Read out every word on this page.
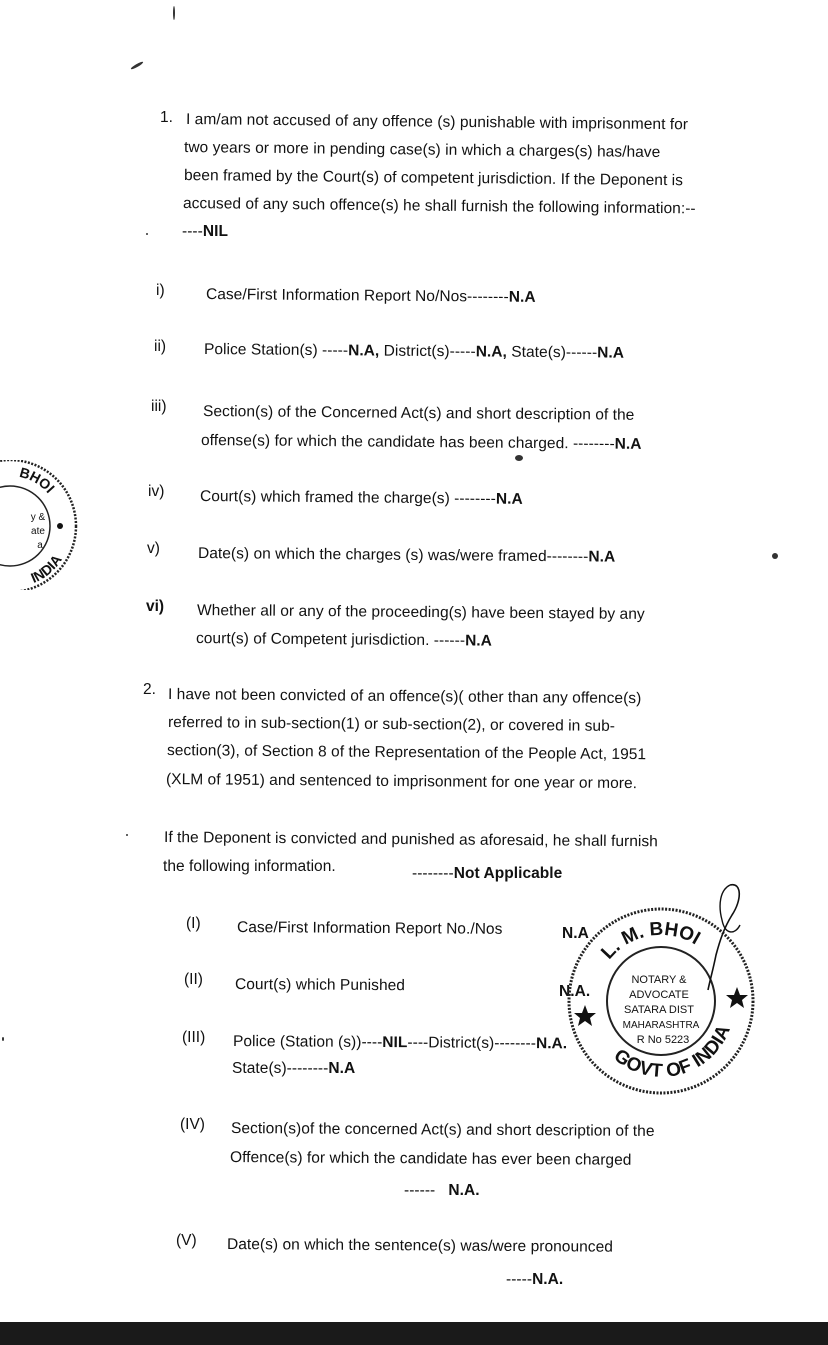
1. I am/am not accused of any offence (s) punishable with imprisonment for
two years or more in pending case(s) in which a charges(s) has/have
been framed by the Court(s) of competent jurisdiction. If the Deponent is
accused of any such offence(s) he shall furnish the following information:--
----NIL
i)	Case/First Information Report No/Nos--------N.A
ii) Police Station(s) -----N.A, District(s)-----N.A, State(s)------N.A
iii) Section(s) of the Concerned Act(s) and short description of the
offense(s) for which the candidate has been charged. --------N.A
iv) Court(s) which framed the charge(s) --------N.A
v) Date(s) on which the charges (s) was/were framed--------N.A
vi) Whether all or any of the proceeding(s) have been stayed by any
court(s) of Competent jurisdiction. ------N.A
2. I have not been convicted of an offence(s)( other than any offence(s)
referred to in sub-section(1) or sub-section(2), or covered in sub-
section(3), of Section 8 of the Representation of the People Act, 1951
(XLM of 1951) and sentenced to imprisonment for one year or more.
If the Deponent is convicted and punished as aforesaid, he shall furnish
the following information.	--------Not Applicable
(I) Case/First Information Report No./Nos	N.A
(II) Court(s) which Punished	N.A.
(III) Police (Station (s))----NIL----District(s)--------N.A.
State(s)--------N.A
(IV) Section(s)of the concerned Act(s) and short description of the
Offence(s) for which the candidate has ever been charged
------ N.A.
(V) Date(s) on which the sentence(s) was/were pronounced
-----N.A.
L. M. BHOI
GOVT OF INDIA
NOTARY &
ADVOCATE
SATARA DIST
MAHARASHTRA
R No 5223
BHOI
INDIA
y &
ate
a
